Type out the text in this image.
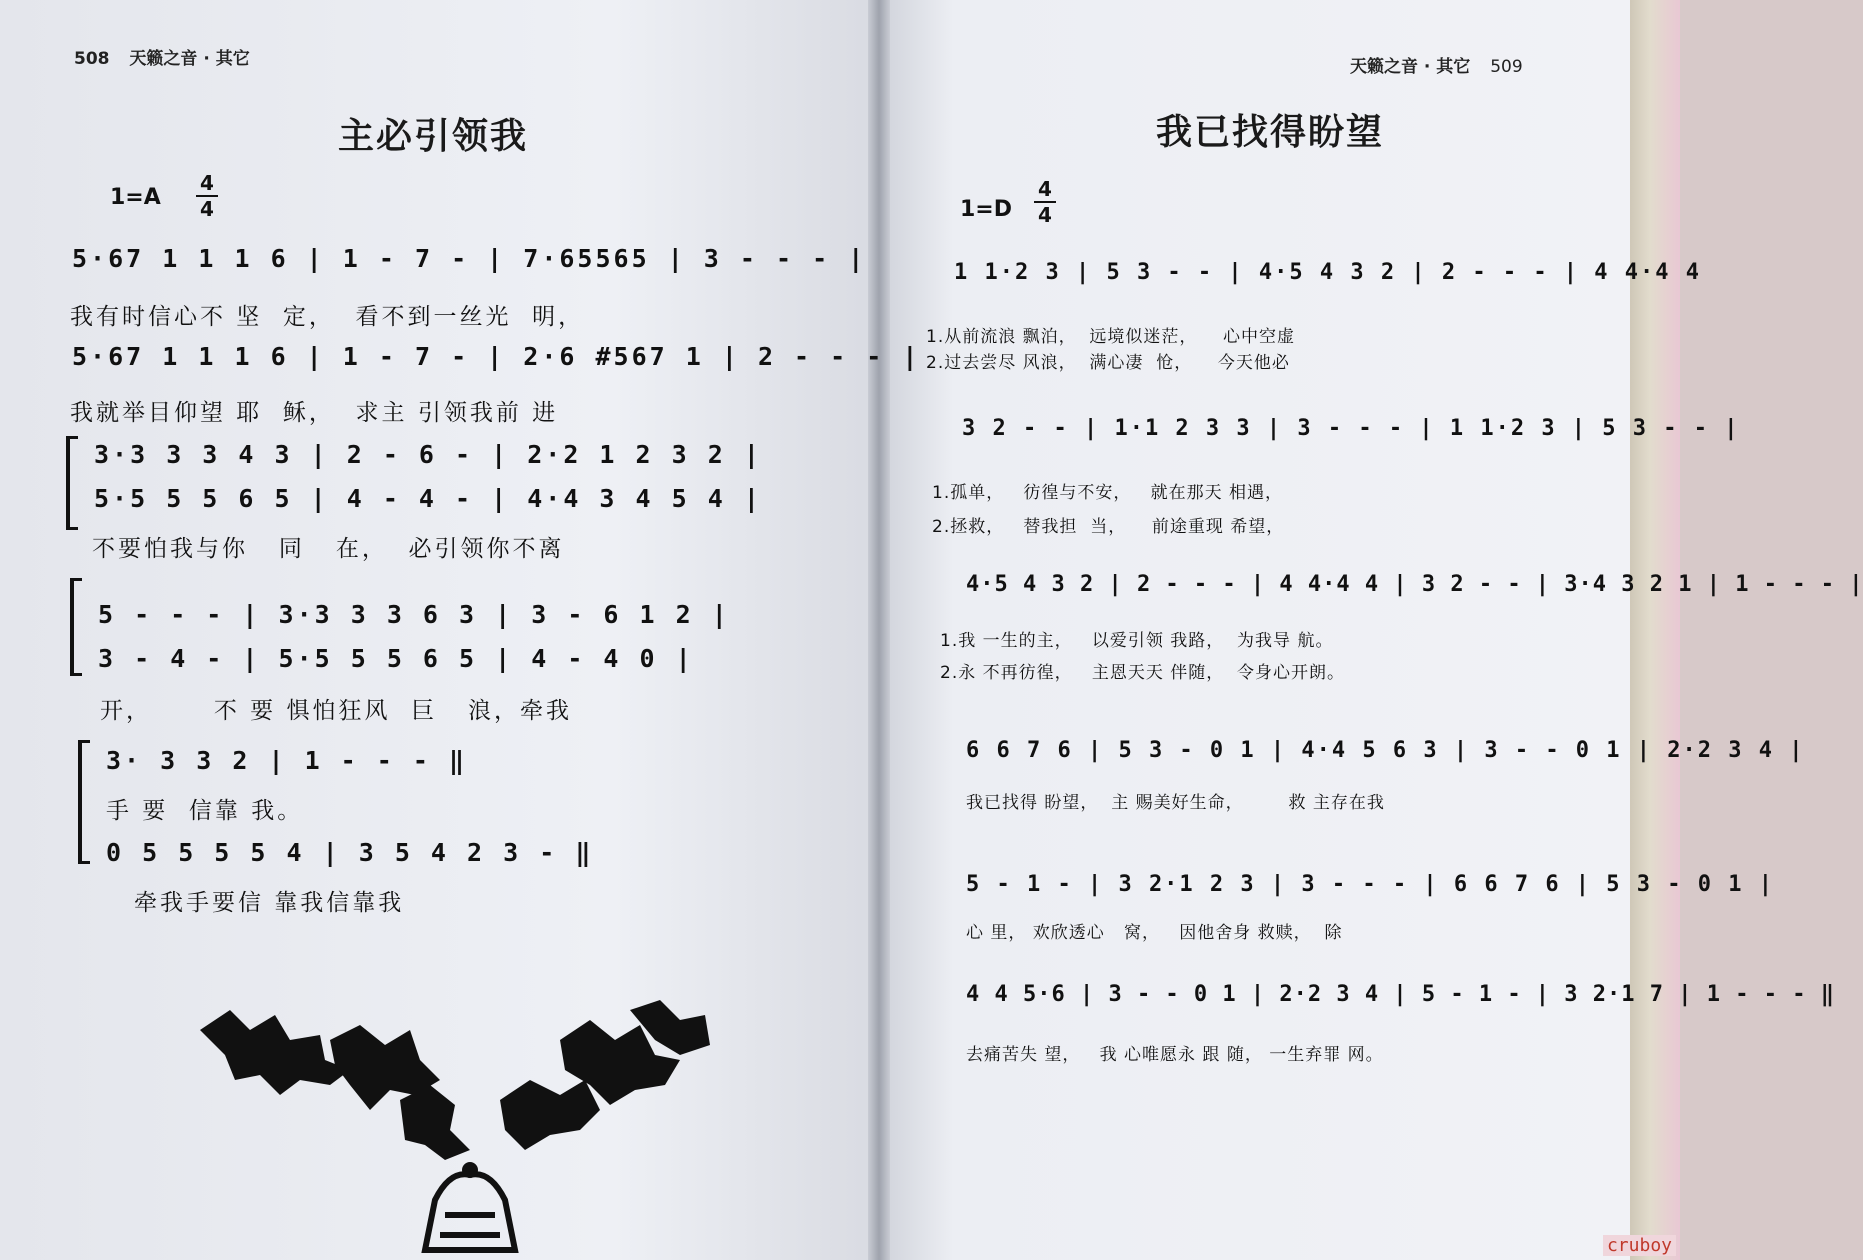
508 天籁之音 · 其它
主必引领我
1=A
4
4
5·67 1 1 1 6 | 1 - 7 - | 7·65565 | 3 - - - |
我有时信心不 坚  定，  看不到一丝光  明，
5·67 1 1 1 6 | 1 - 7 - | 2·6 #567 1 | 2 - - - |
我就举目仰望 耶  稣，  求主 引领我前 进
3·3 3 3 4 3 | 2 - 6 - | 2·2 1 2 3 2 |
5·5 5 5 6 5 | 4 - 4 - | 4·4 3 4 5 4 |
不要怕我与你   同   在，  必引领你不离
5 - - - | 3·3 3 3 6 3 | 3 - 6 1 2 |
3 - 4 - | 5·5 5 5 6 5 | 4 - 4 0 |
开，      不 要 惧怕狂风  巨   浪，牵我
3· 3 3 2 | 1 - - - ‖
手 要  信靠 我。
0 5 5 5 5 4 | 3 5 4 2 3 - ‖
牵我手要信 靠我信靠我
天籁之音 · 其它 509
我已找得盼望
1=D
4
4
1 1·2 3 | 5 3 - - | 4·5 4 3 2 | 2 - - - | 4 4·4 4
1.从前流浪 飘泊，  远境似迷茫，    心中空虚
2.过去尝尽 风浪，  满心凄  怆，    今天他必
3 2 - - | 1·1 2 3 3 | 3 - - - | 1 1·2 3 | 5 3 - - |
1.孤单，   彷徨与不安，   就在那天 相遇，
2.拯救，   替我担  当，    前途重现 希望，
4·5 4 3 2 | 2 - - - | 4 4·4 4 | 3 2 - - | 3·4 3 2 1 | 1 - - - |
1.我 一生的主，   以爱引领 我路，  为我导 航。
2.永 不再彷徨，   主恩天天 伴随，  令身心开朗。
6 6 7 6 | 5 3 - 0 1 | 4·4 5 6 3 | 3 - - 0 1 | 2·2 3 4 |
我已找得 盼望，  主 赐美好生命，       救 主存在我
5 - 1 - | 3 2·1 2 3 | 3 - - - | 6 6 7 6 | 5 3 - 0 1 |
心 里， 欢欣透心   窝，   因他舍身 救赎，  除
4 4 5·6 | 3 - - 0 1 | 2·2 3 4 | 5 - 1 - | 3 2·1 7 | 1 - - - ‖
去痛苦失 望，   我 心唯愿永 跟 随， 一生弃罪 网。
cruboy
